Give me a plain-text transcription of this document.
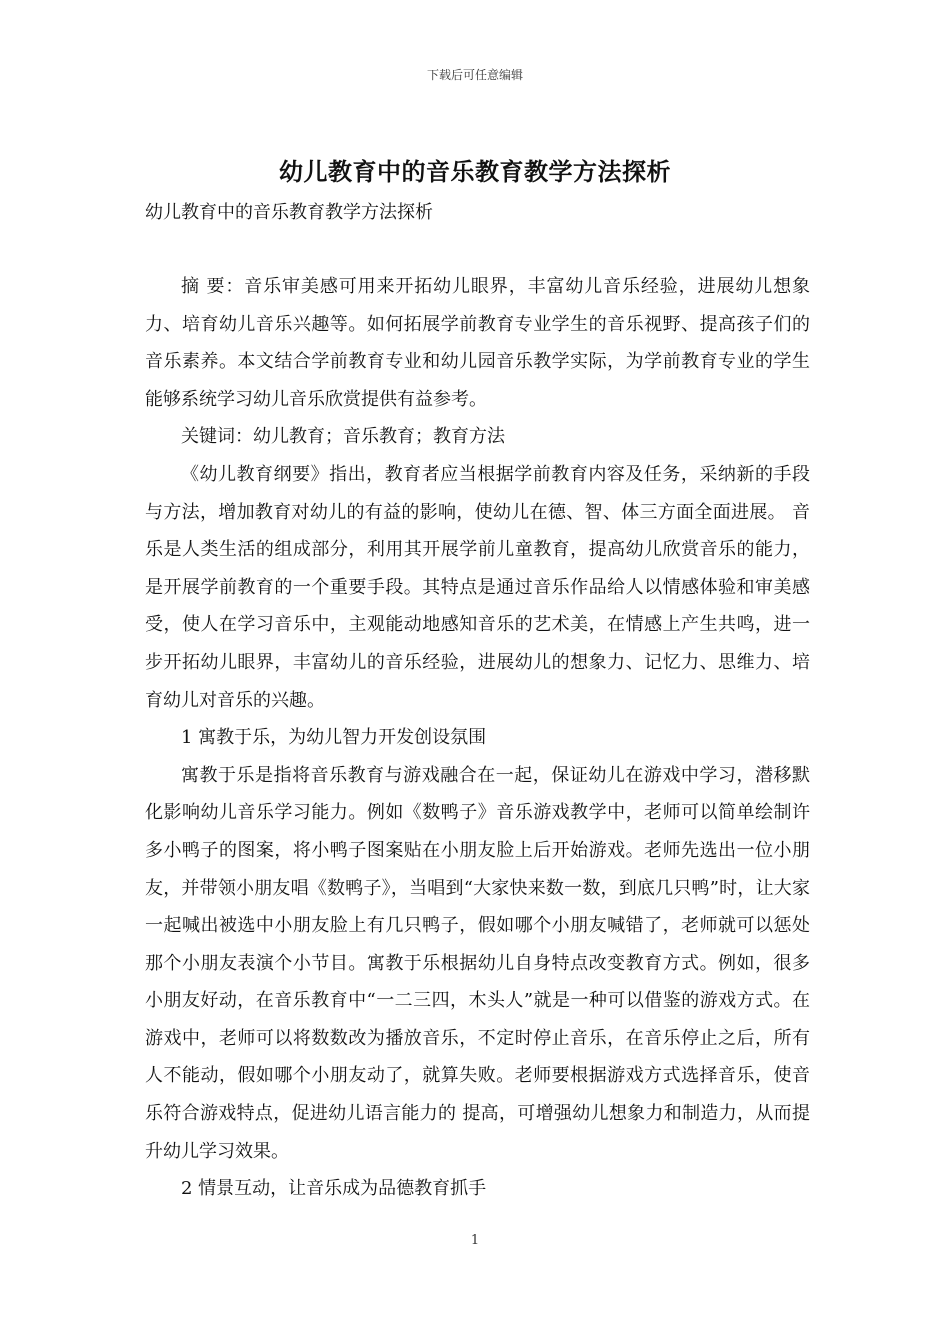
下载后可任意编辑
幼儿教育中的音乐教育教学方法探析

幼儿教育中的音乐教育教学方法探析

摘 要：音乐审美感可用来开拓幼儿眼界，丰富幼儿音乐经验，进展幼儿想象力、培育幼儿音乐兴趣等。如何拓展学前教育专业学生的音乐视野、提高孩子们的音乐素养。本文结合学前教育专业和幼儿园音乐教学实际，为学前教育专业的学生能够系统学习幼儿音乐欣赏提供有益参考。

关键词：幼儿教育；音乐教育；教育方法

《幼儿教育纲要》指出，教育者应当根据学前教育内容及任务，采纳新的手段与方法，增加教育对幼儿的有益的影响，使幼儿在德、智、体三方面全面进展。 音乐是人类生活的组成部分，利用其开展学前儿童教育，提高幼儿欣赏音乐的能力，是开展学前教育的一个重要手段。其特点是通过音乐作品给人以情感体验和审美感受，使人在学习音乐中，主观能动地感知音乐的艺术美，在情感上产生共鸣，进一步开拓幼儿眼界，丰富幼儿的音乐经验，进展幼儿的想象力、记忆力、思维力、培育幼儿对音乐的兴趣。

1 寓教于乐，为幼儿智力开发创设氛围

寓教于乐是指将音乐教育与游戏融合在一起，保证幼儿在游戏中学习，潜移默化影响幼儿音乐学习能力。例如《数鸭子》音乐游戏教学中，老师可以简单绘制许多小鸭子的图案，将小鸭子图案贴在小朋友脸上后开始游戏。老师先选出一位小朋友，并带领小朋友唱《数鸭子》，当唱到“大家快来数一数，到底几只鸭”时，让大家一起喊出被选中小朋友脸上有几只鸭子，假如哪个小朋友喊错了，老师就可以惩处那个小朋友表演个小节目。寓教于乐根据幼儿自身特点改变教育方式。例如，很多小朋友好动，在音乐教育中“一二三四，木头人”就是一种可以借鉴的游戏方式。在游戏中，老师可以将数数改为播放音乐，不定时停止音乐，在音乐停止之后，所有人不能动，假如哪个小朋友动了，就算失败。老师要根据游戏方式选择音乐，使音乐符合游戏特点，促进幼儿语言能力的 提高，可增强幼儿想象力和制造力，从而提升幼儿学习效果。

2 情景互动，让音乐成为品德教育抓手

1
